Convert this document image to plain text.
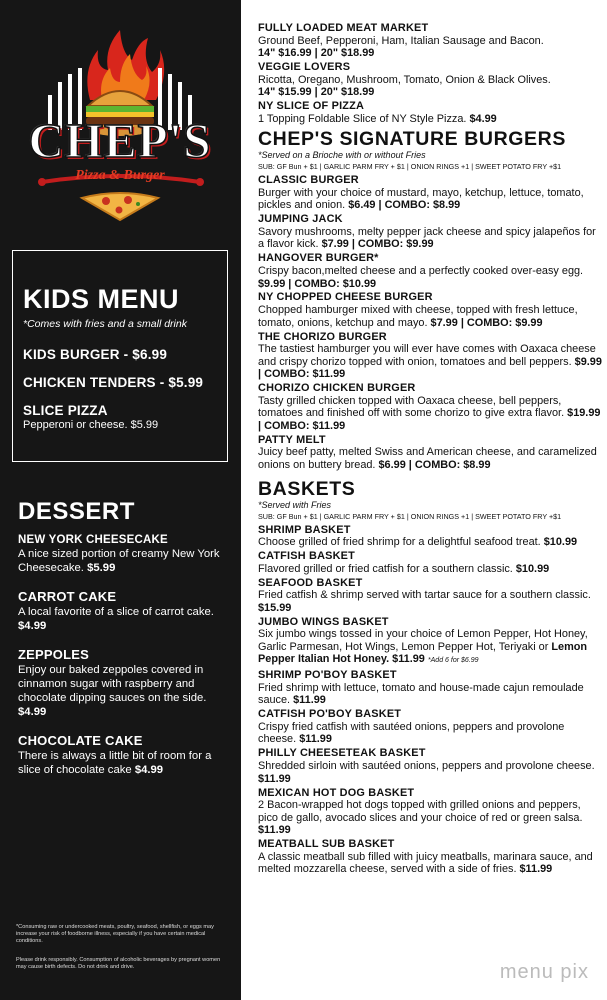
CHEP'S
Pizza & Burger
KIDS MENU
*Comes with fries and a small drink
KIDS BURGER - $6.99
CHICKEN TENDERS - $5.99
SLICE PIZZA
Pepperoni or cheese. $5.99
DESSERT
NEW YORK CHEESECAKE
A nice sized portion of creamy New York Cheesecake. $5.99
CARROT CAKE
A local favorite of a slice of carrot cake. $4.99
ZEPPOLES
Enjoy our baked zeppoles covered in cinnamon sugar with raspberry and chocolate dipping sauces on the side. $4.99
CHOCOLATE CAKE
There is always a little bit of room for a slice of chocolate cake $4.99
*Consuming raw or undercooked meats, poultry, seafood, shellfish, or eggs may increase your risk of foodborne illness, especially if you have certain medical conditions.
Please drink responsibly. Consumption of alcoholic beverages by pregnant women may cause birth defects. Do not drink and drive.
FULLY LOADED MEAT MARKET
Ground Beef, Pepperoni, Ham, Italian Sausage and Bacon.
14" $16.99 | 20" $18.99
VEGGIE LOVERS
Ricotta, Oregano, Mushroom, Tomato, Onion & Black Olives.
14" $15.99 | 20" $18.99
NY SLICE OF PIZZA
1 Topping Foldable Slice of NY Style Pizza. $4.99
CHEP'S SIGNATURE BURGERS
*Served on a Brioche with or without Fries
SUB: GF Bun + $1 | GARLIC PARM FRY + $1 | ONION RINGS +1 | SWEET POTATO FRY +$1
CLASSIC BURGER
Burger with your choice of mustard, mayo, ketchup, lettuce, tomato, pickles and onion. $6.49 | COMBO: $8.99
JUMPING JACK
Savory mushrooms, melty pepper jack cheese and spicy jalapeños for a flavor kick. $7.99 | COMBO: $9.99
HANGOVER BURGER*
Crispy bacon,melted cheese and a perfectly cooked over-easy egg. $9.99 | COMBO: $10.99
NY CHOPPED CHEESE BURGER
Chopped hamburger mixed with cheese, topped with fresh lettuce, tomato, onions, ketchup and mayo. $7.99 | COMBO: $9.99
THE CHORIZO BURGER
The tastiest hamburger you will ever have comes with Oaxaca cheese and crispy chorizo topped with onion, tomatoes and bell peppers. $9.99 | COMBO: $11.99
CHORIZO CHICKEN BURGER
Tasty grilled chicken topped with Oaxaca cheese, bell peppers, tomatoes and finished off with some chorizo to give extra flavor. $19.99 | COMBO: $11.99
PATTY MELT
Juicy beef patty, melted Swiss and American cheese, and caramelized onions on buttery bread. $6.99 | COMBO: $8.99
BASKETS
*Served with Fries
SUB: GF Bun + $1 | GARLIC PARM FRY + $1 | ONION RINGS +1 | SWEET POTATO FRY +$1
SHRIMP BASKET
Choose grilled of fried shrimp for a delightful seafood treat. $10.99
CATFISH BASKET
Flavored grilled or fried catfish for a southern classic. $10.99
SEAFOOD BASKET
Fried catfish & shrimp served with tartar sauce for a southern classic. $15.99
JUMBO WINGS BASKET
Six jumbo wings tossed in your choice of Lemon Pepper, Hot Honey, Garlic Parmesan, Hot Wings, Lemon Pepper Hot, Teriyaki or Lemon Pepper Italian Hot Honey. $11.99 *Add 6 for $6.99
SHRIMP PO'BOY BASKET
Fried shrimp with lettuce, tomato and house-made cajun remoulade sauce. $11.99
CATFISH PO'BOY BASKET
Crispy fried catfish with sautéed onions, peppers and provolone cheese. $11.99
PHILLY CHEESETEAK BASKET
Shredded sirloin with sautéed onions, peppers and provolone cheese. $11.99
MEXICAN HOT DOG BASKET
2 Bacon-wrapped hot dogs topped with grilled onions and peppers, pico de gallo, avocado slices and your choice of red or green salsa. $11.99
MEATBALL SUB BASKET
A classic meatball sub filled with juicy meatballs, marinara sauce, and melted mozzarella cheese, served with a side of fries. $11.99
menu pix
